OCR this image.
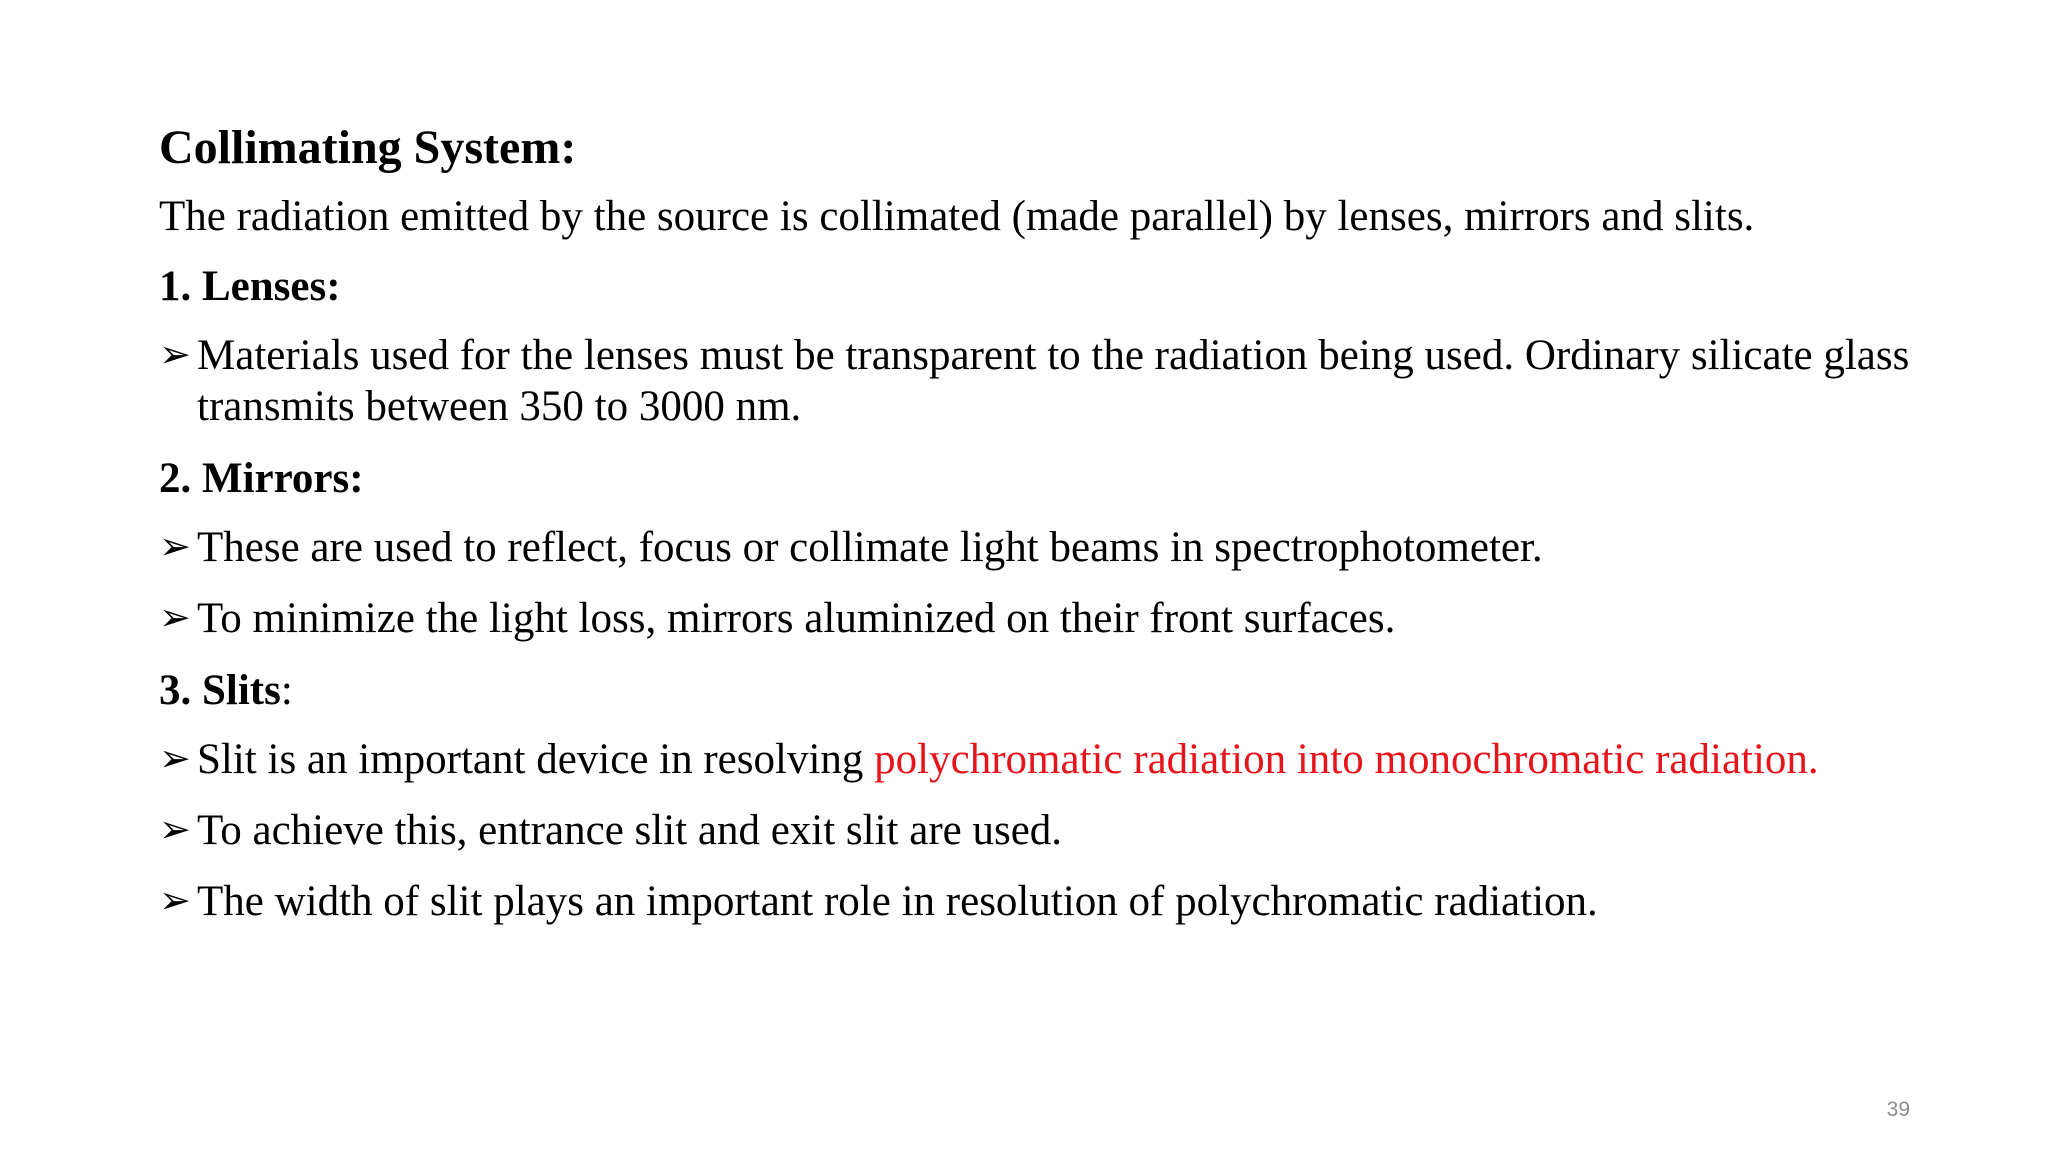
Collimating System:
The radiation emitted by the source is collimated (made parallel) by lenses, mirrors and slits.
1. Lenses:
➢ Materials used for the lenses must be transparent to the radiation being used. Ordinary silicate glass transmits between 350 to 3000 nm.
2. Mirrors:
➢ These are used to reflect, focus or collimate light beams in spectrophotometer.
➢ To minimize the light loss, mirrors aluminized on their front surfaces.
3. Slits:
➢ Slit is an important device in resolving polychromatic radiation into monochromatic radiation.
➢ To achieve this, entrance slit and exit slit are used.
➢ The width of slit plays an important role in resolution of polychromatic radiation.
39
